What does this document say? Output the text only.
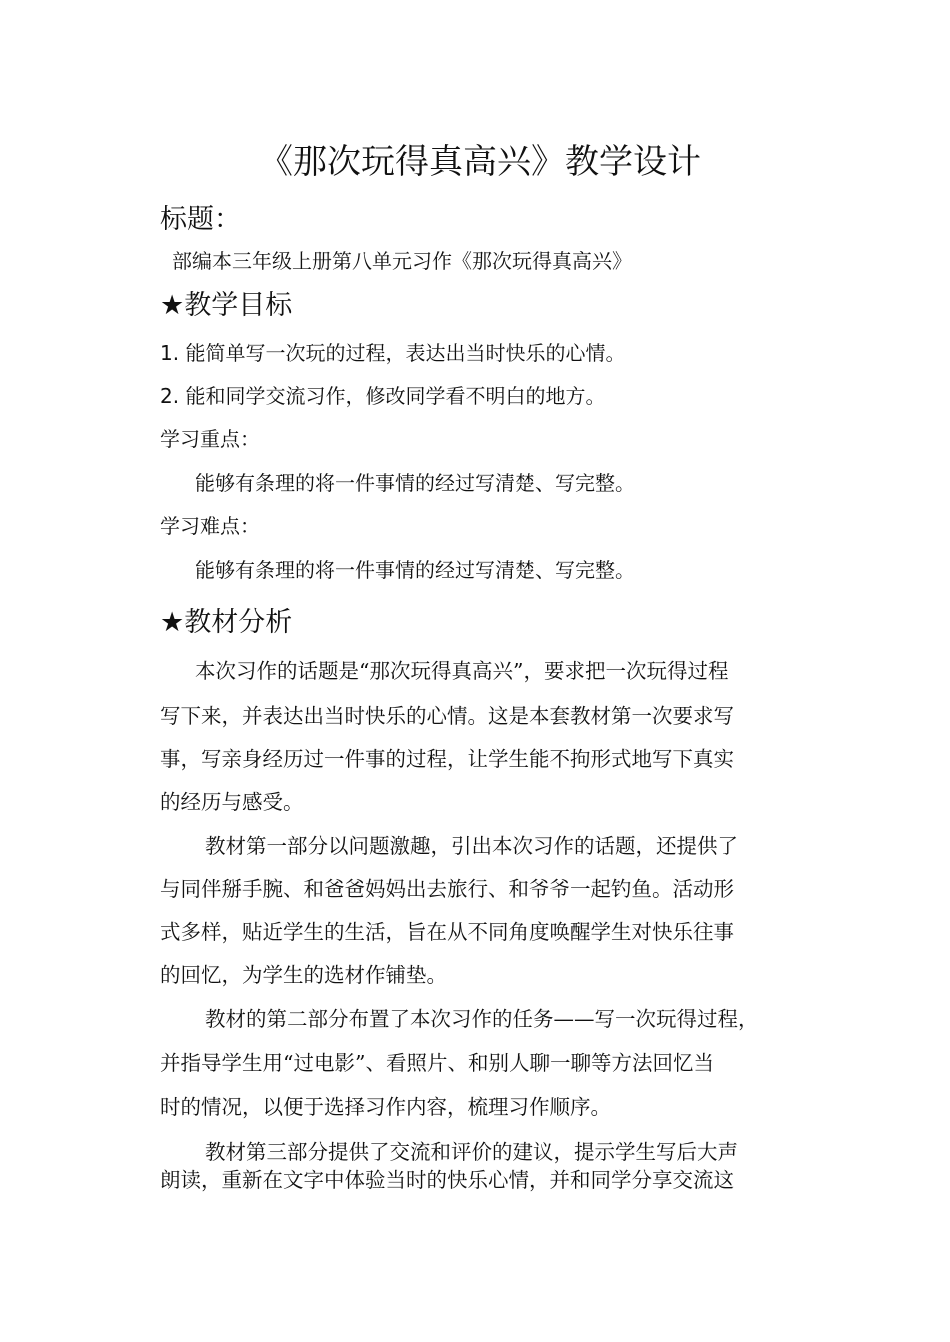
《那次玩得真高兴》教学设计
标题：
部编本三年级上册第八单元习作《那次玩得真高兴》
★教学目标
1. 能简单写一次玩的过程，表达出当时快乐的心情。
2. 能和同学交流习作，修改同学看不明白的地方。
学习重点：
能够有条理的将一件事情的经过写清楚、写完整。
学习难点：
能够有条理的将一件事情的经过写清楚、写完整。
★教材分析
本次习作的话题是“那次玩得真高兴”，要求把一次玩得过程
写下来，并表达出当时快乐的心情。这是本套教材第一次要求写
事，写亲身经历过一件事的过程，让学生能不拘形式地写下真实
的经历与感受。
教材第一部分以问题激趣，引出本次习作的话题，还提供了
与同伴掰手腕、和爸爸妈妈出去旅行、和爷爷一起钓鱼。活动形
式多样，贴近学生的生活，旨在从不同角度唤醒学生对快乐往事
的回忆，为学生的选材作铺垫。
教材的第二部分布置了本次习作的任务——写一次玩得过程，
并指导学生用“过电影”、看照片、和别人聊一聊等方法回忆当
时的情况，以便于选择习作内容，梳理习作顺序。
教材第三部分提供了交流和评价的建议，提示学生写后大声
朗读，重新在文字中体验当时的快乐心情，并和同学分享交流这
